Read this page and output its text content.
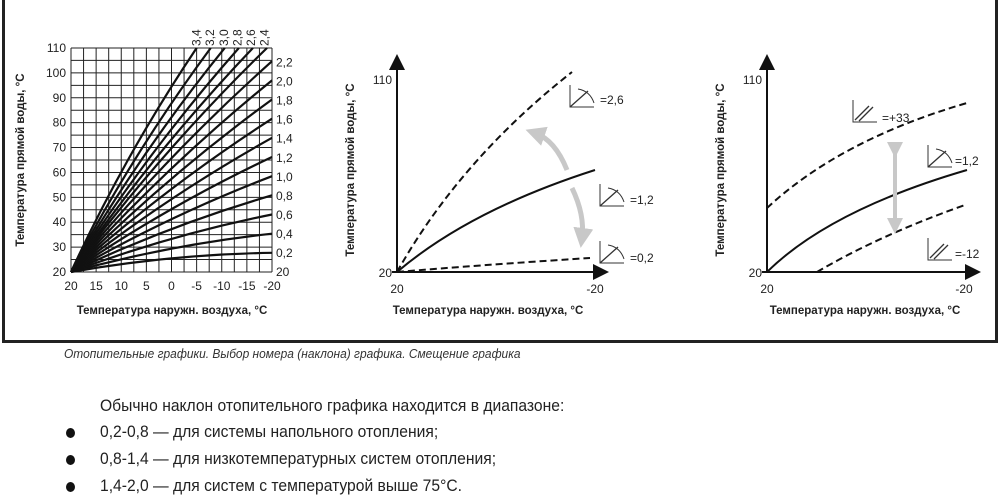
20 15 10 5 0 -5 -10 -15 -20
20
30
40
50
60
70
80
90
100
110
20
0,2
0,4
0,6
0,8
1,0
1,2
1,4
1,6
1,8
2,0
2,2
3,4 3,2 3,0 2,8 2,6 2,4
Температура наружн. воздуха, °C
Температура прямой воды, °C	110
20
20	-20
=2,6
=1,2
=0,2
Температура наружн. воздуха, °C
Температура прямой воды, °C
110
20
20	-20
=+33
=1,2
=-12
Температура наружн. воздуха, °C
Температура прямой воды, °C
Отопительные графики. Выбор номера (наклона) графика. Смещение графика
Обычно наклон отопительного графика находится в диапазоне:
0,2-0,8 — для системы напольного отопления;
0,8-1,4 — для низкотемпературных систем отопления;
1,4-2,0 — для систем с температурой выше 75°C.
